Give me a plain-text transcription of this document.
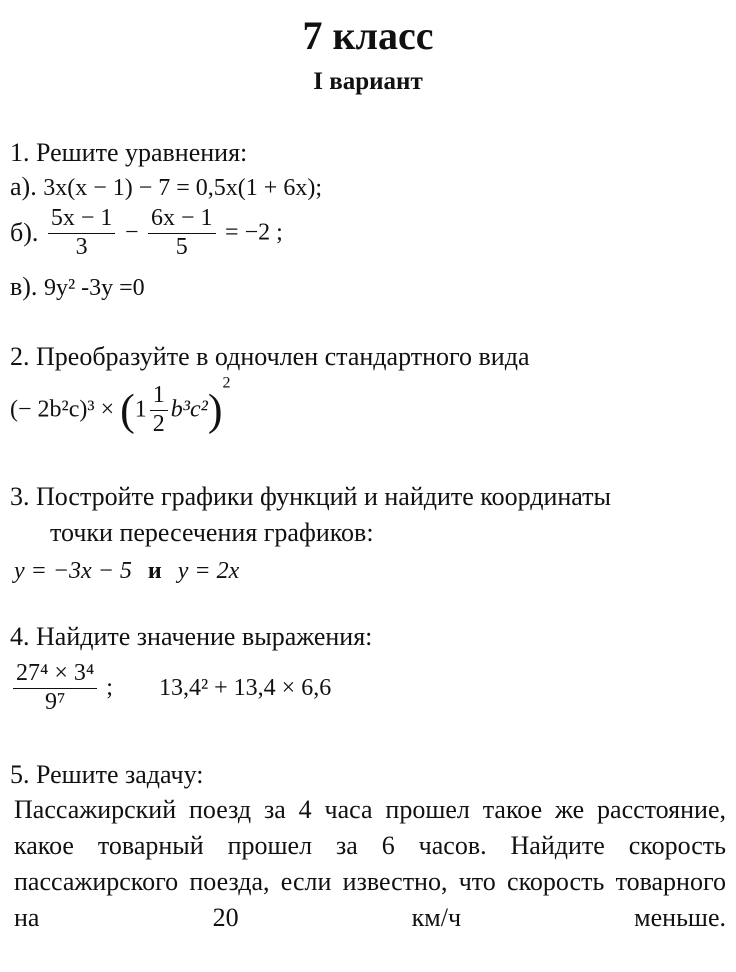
7 класс
I вариант
1. Решите уравнения:
а). 3x(x − 1) − 7 = 0,5x(1 + 6x);
б). $\frac{5x - 1}{3} - \frac{6x - 1}{5} = -2$ ;
в). 9y² -3y =0
2. Преобразуйте в одночлен стандартного вида
(− $2b^2c)^3 \times (1 \frac{1}{2} b^3c^2)^2$
3. Постройте графики функций и найдите координаты
точки пересечения графиков:
y = −3x − 5 и y = 2x
4. Найдите значение выражения:
$\frac{\text{27⁴ × 3⁴}}{\text{9⁷}}$ ; 13,4² + 13,4 × 6,6
5. Решите задачу:
Пассажирский поезд за 4 часа прошел такое же расстояние, какое товарный прошел за 6 часов. Найдите скорость пассажирского поезда, если известно, что скорость товарного на 20 км/ч меньше.
